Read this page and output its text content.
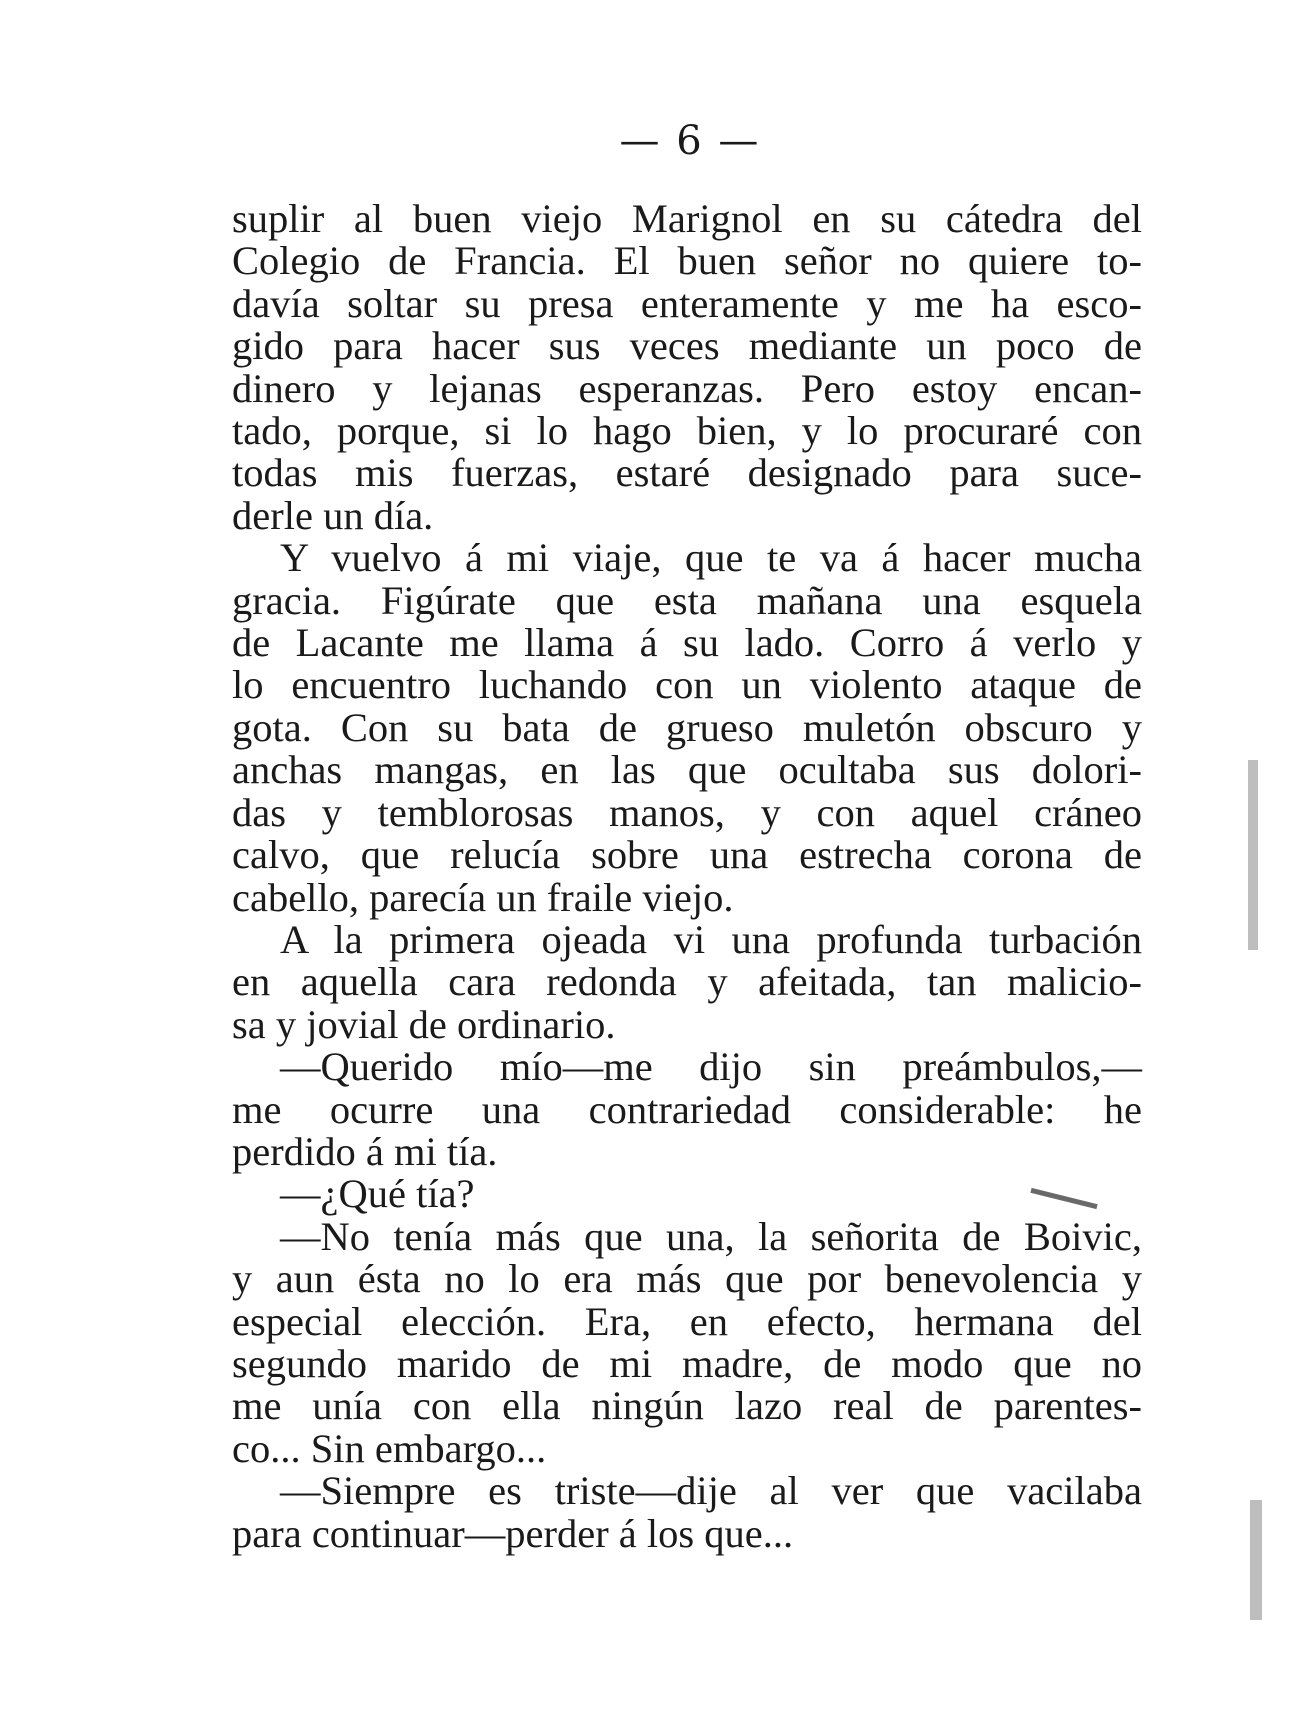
— 6 —
suplir al buen viejo Marignol en su cátedra del
Colegio de Francia. El buen señor no quiere to-
davía soltar su presa enteramente y me ha esco-
gido para hacer sus veces mediante un poco de
dinero y lejanas esperanzas. Pero estoy encan-
tado, porque, si lo hago bien, y lo procuraré con
todas mis fuerzas, estaré designado para suce-
derle un día.
Y vuelvo á mi viaje, que te va á hacer mucha
gracia. Figúrate que esta mañana una esquela
de Lacante me llama á su lado. Corro á verlo y
lo encuentro luchando con un violento ataque de
gota. Con su bata de grueso muletón obscuro y
anchas mangas, en las que ocultaba sus dolori-
das y temblorosas manos, y con aquel cráneo
calvo, que relucía sobre una estrecha corona de
cabello, parecía un fraile viejo.
A la primera ojeada vi una profunda turbación
en aquella cara redonda y afeitada, tan malicio-
sa y jovial de ordinario.
—Querido mío—me dijo sin preámbulos,—
me ocurre una contrariedad considerable: he
perdido á mi tía.
—¿Qué tía?
—No tenía más que una, la señorita de Boivic,
y aun ésta no lo era más que por benevolencia y
especial elección. Era, en efecto, hermana del
segundo marido de mi madre, de modo que no
me unía con ella ningún lazo real de parentes-
co... Sin embargo...
—Siempre es triste—dije al ver que vacilaba
para continuar—perder á los que...
